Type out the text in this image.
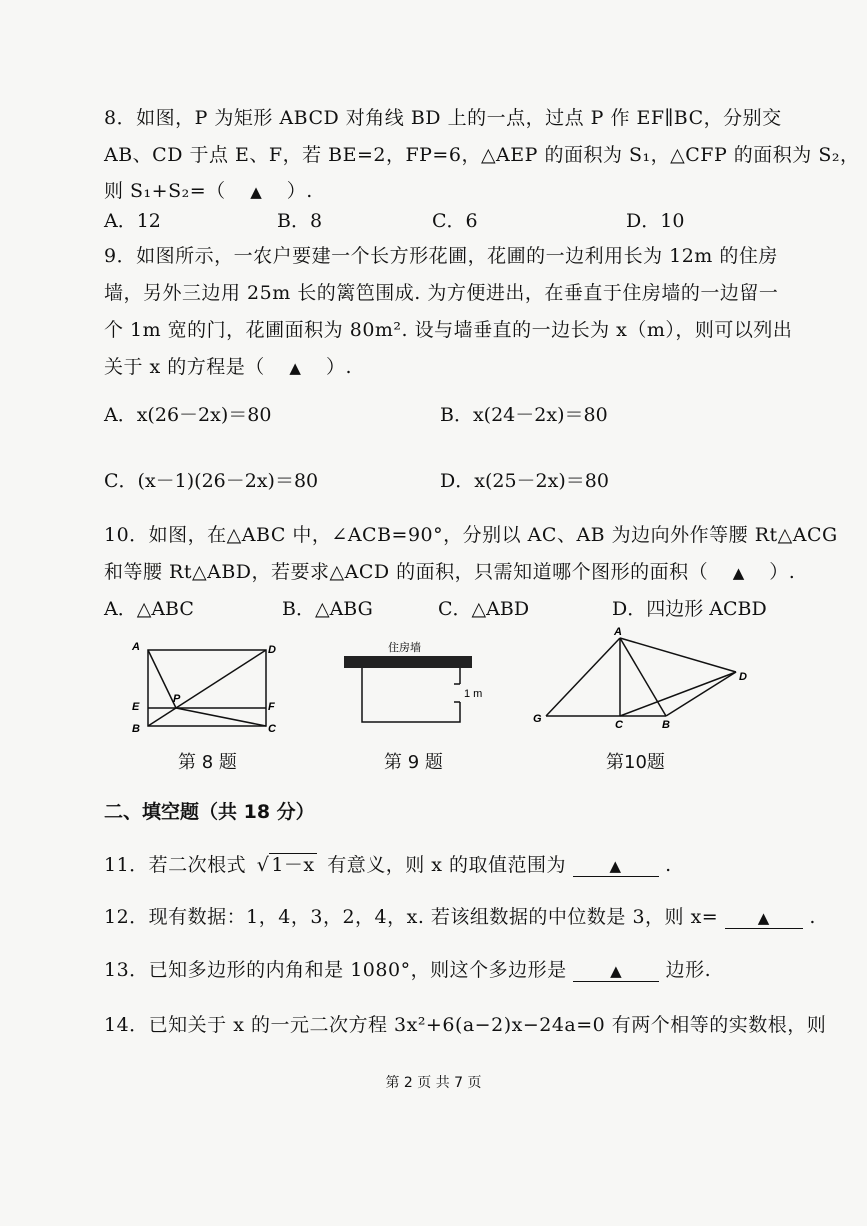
8．如图，P 为矩形 ABCD 对角线 BD 上的一点，过点 P 作 EF∥BC，分别交
AB、CD 于点 E、F，若 BE=2，FP=6，△AEP 的面积为 S₁，△CFP 的面积为 S₂，
则 S₁+S₂=（ ▲ ）.
A．12	B．8	C．6	D．10
9．如图所示，一农户要建一个长方形花圃，花圃的一边利用长为 12m 的住房
墙，另外三边用 25m 长的篱笆围成. 为方便进出，在垂直于住房墙的一边留一
个 1m 宽的门，花圃面积为 80m². 设与墙垂直的一边长为 x（m），则可以列出
关于 x 的方程是（ ▲ ）.
A．x(26－2x)＝80	B．x(24－2x)＝80
C．(x－1)(26－2x)＝80	D．x(25－2x)＝80
10．如图，在△ABC 中，∠ACB=90°，分别以 AC、AB 为边向外作等腰 Rt△ACG
和等腰 Rt△ABD，若要求△ACD 的面积，只需知道哪个图形的面积（ ▲ ）.
A．△ABC	B．△ABG	C．△ABD	D．四边形 ACBD
A	D
E	F
B	C
P
第 8 题
住房墙
1 m
第 9 题
A
D
G	C	B
第10题
二、填空题（共 18 分）
11．若二次根式 √ 1－x 有意义，则 x 的取值范围为	▲ .
12．现有数据：1，4，3，2，4，x. 若该组数据的中位数是 3，则 x=	▲ .
13．已知多边形的内角和是 1080°，则这个多边形是	▲ 边形.
14．已知关于 x 的一元二次方程 3x²+6(a−2)x−24a=0 有两个相等的实数根，则
第 2 页 共 7 页
